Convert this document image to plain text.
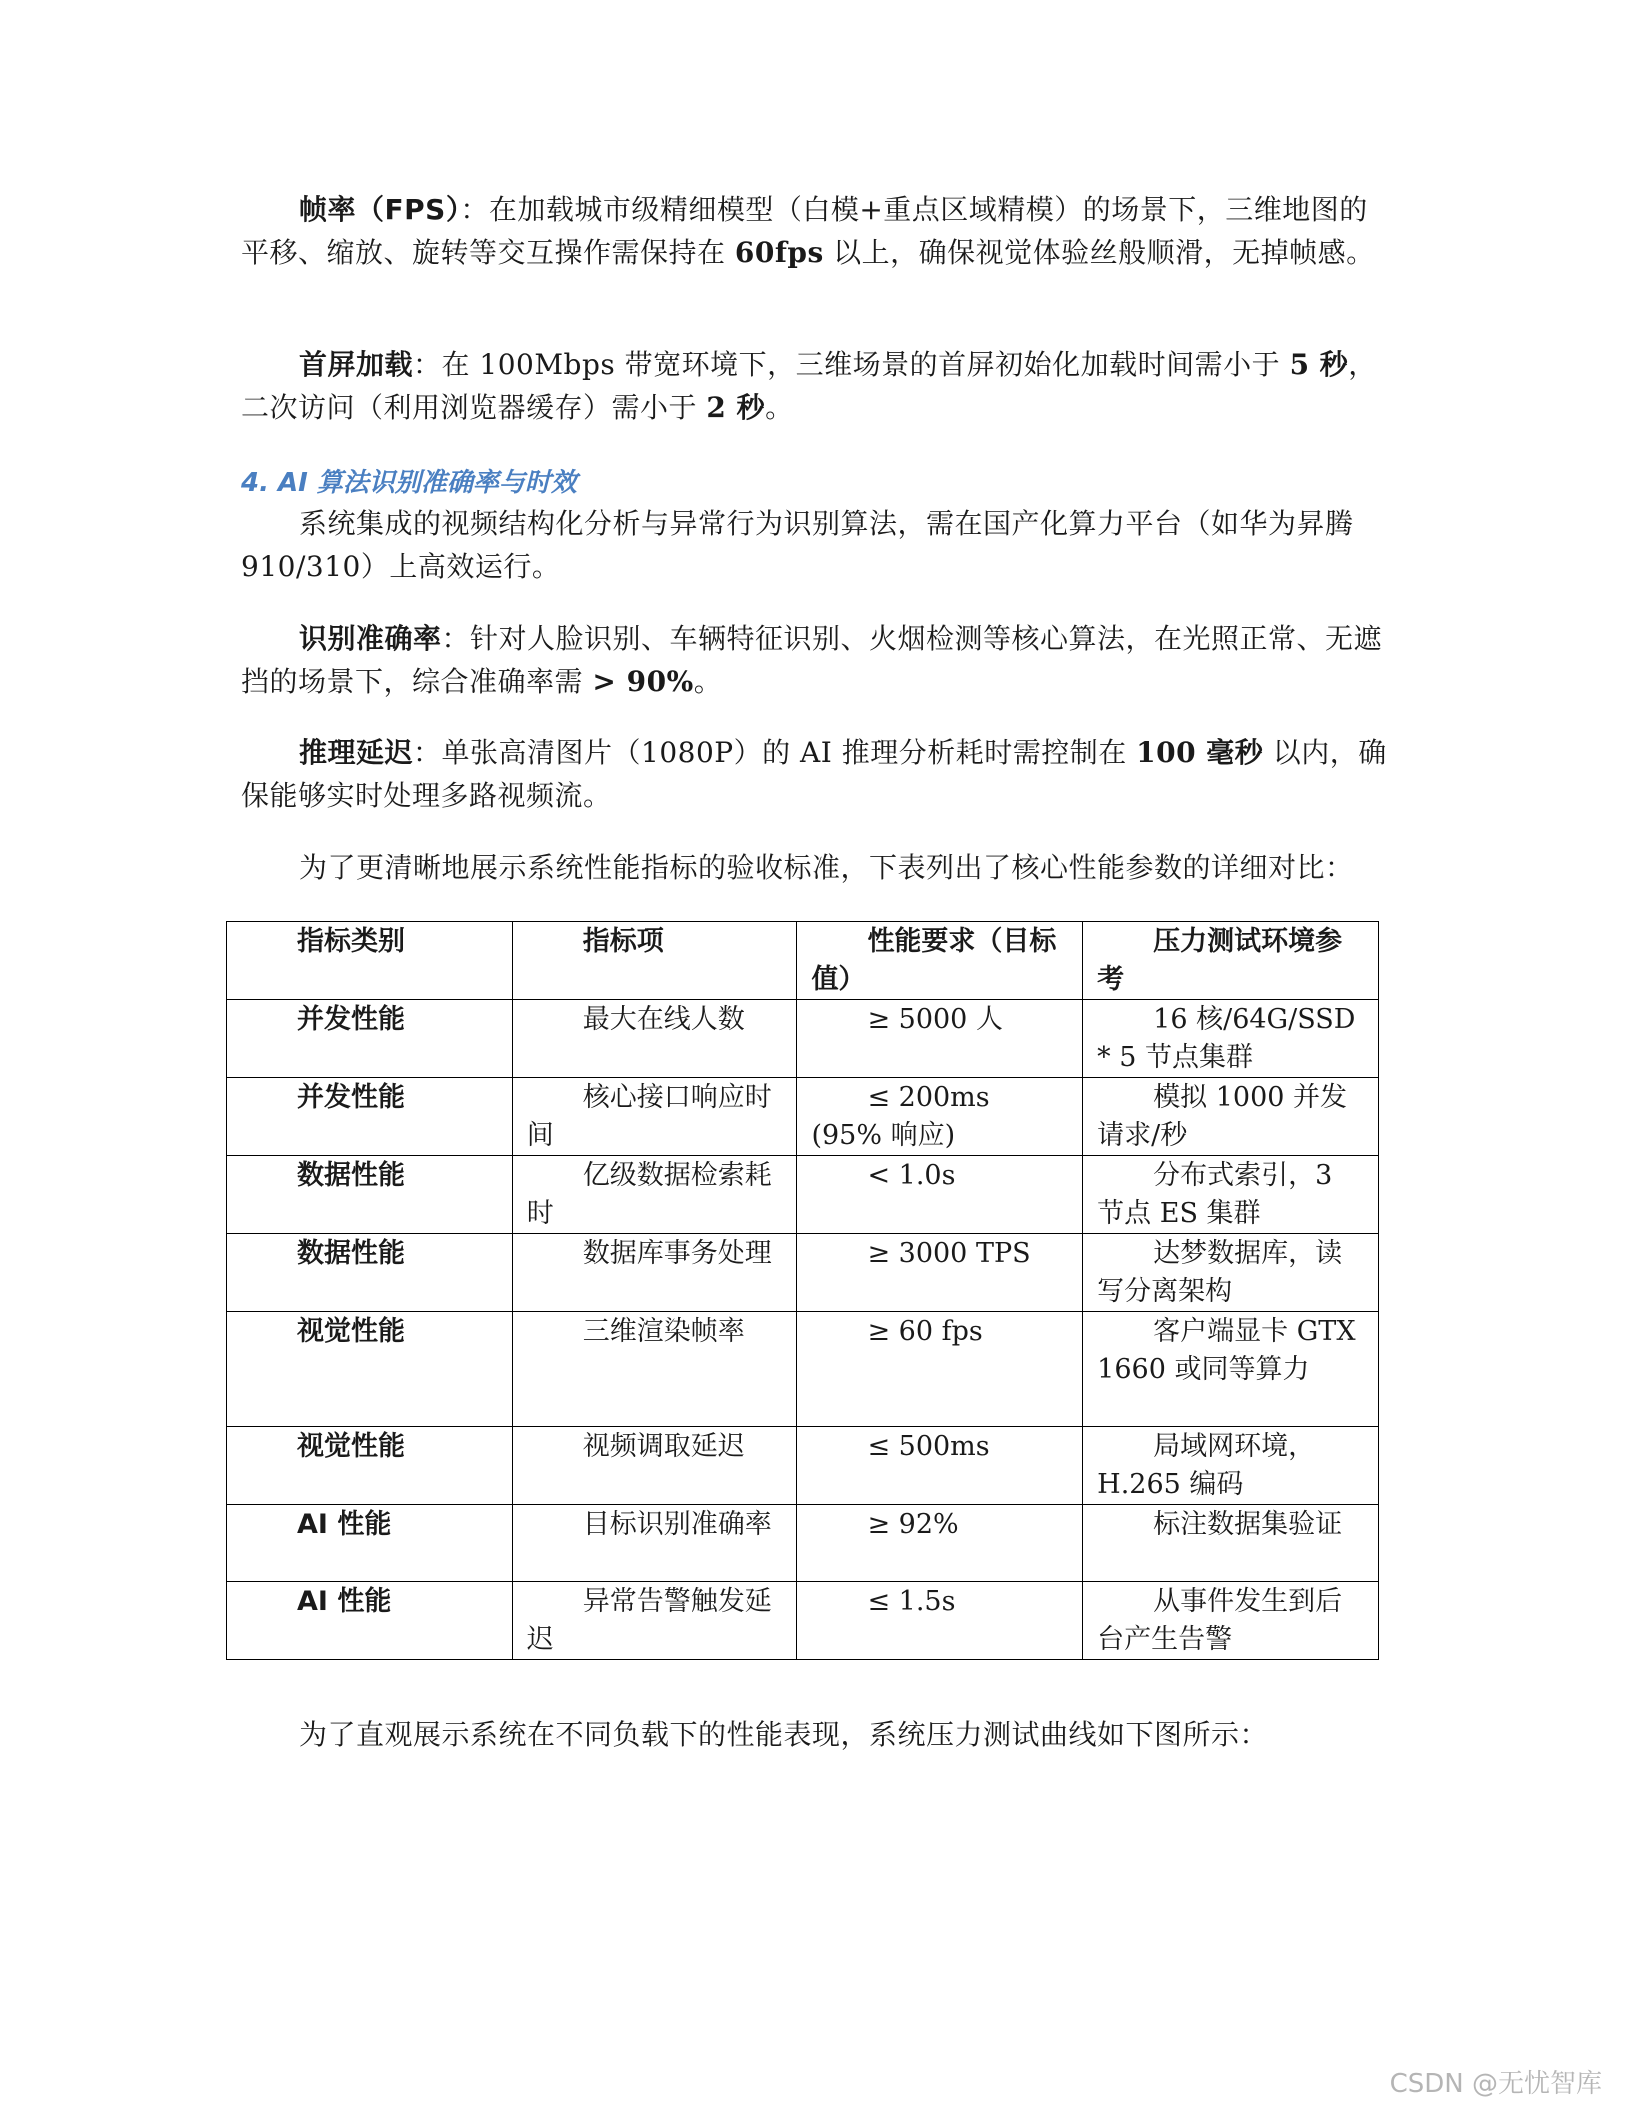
帧率（FPS）：在加载城市级精细模型（白模+重点区域精模）的场景下，三维地图的平移、缩放、旋转等交互操作需保持在 60fps 以上，确保视觉体验丝般顺滑，无掉帧感。

首屏加载：在 100Mbps 带宽环境下，三维场景的首屏初始化加载时间需小于 5 秒，二次访问（利用浏览器缓存）需小于 2 秒。

4. AI 算法识别准确率与时效

系统集成的视频结构化分析与异常行为识别算法，需在国产化算力平台（如华为昇腾 910/310）上高效运行。

识别准确率：针对人脸识别、车辆特征识别、火烟检测等核心算法，在光照正常、无遮挡的场景下，综合准确率需 > 90%。

推理延迟：单张高清图片（1080P）的 AI 推理分析耗时需控制在 100 毫秒 以内，确保能够实时处理多路视频流。

为了更清晰地展示系统性能指标的验收标准，下表列出了核心性能参数的详细对比：

指标类别	指标项	性能要求（目标值）	压力测试环境参考

并发性能	最大在线人数	≥ 5000 人	16 核/64G/SSD * 5 节点集群

并发性能	核心接口响应时间	≤ 200ms (95% 响应)	模拟 1000 并发请求/秒

数据性能	亿级数据检索耗时	< 1.0s	分布式索引，3 节点 ES 集群

数据性能	数据库事务处理	≥ 3000 TPS	达梦数据库，读写分离架构

视觉性能	三维渲染帧率	≥ 60 fps	客户端显卡 GTX 1660 或同等算力

视觉性能	视频调取延迟	≤ 500ms	局域网环境，H.265 编码

AI 性能	目标识别准确率	≥ 92%	标注数据集验证

AI 性能	异常告警触发延迟	≤ 1.5s	从事件发生到后台产生告警

为了直观展示系统在不同负载下的性能表现，系统压力测试曲线如下图所示：

CSDN @无忧智库
